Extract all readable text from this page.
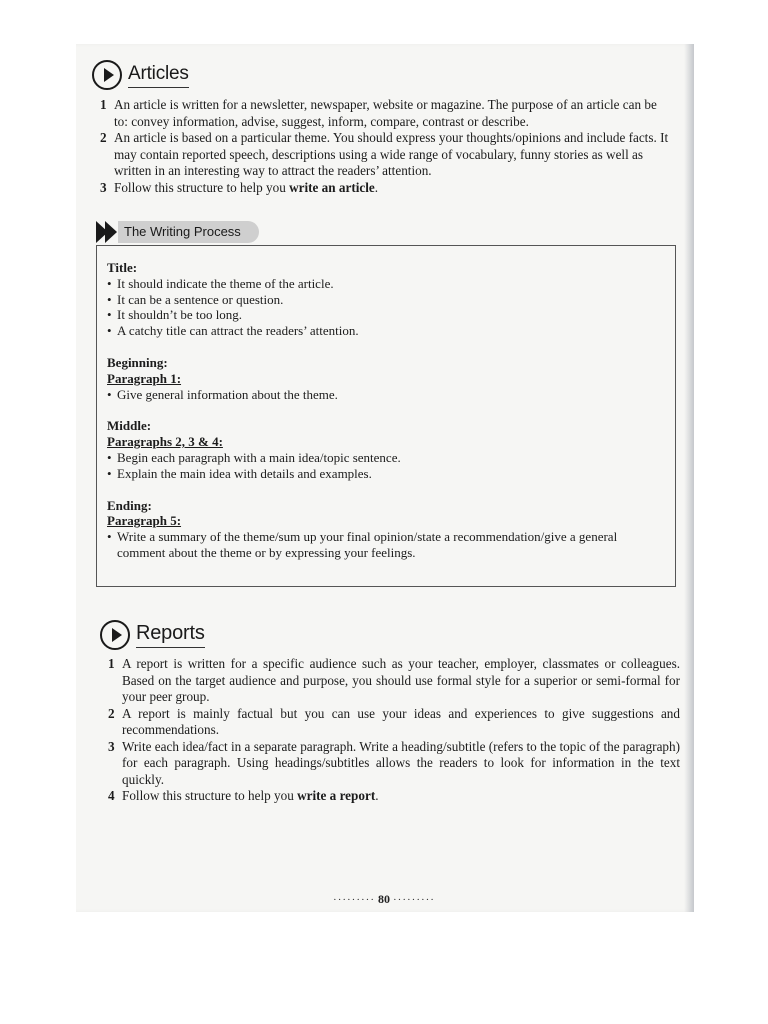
Articles
1 An article is written for a newsletter, newspaper, website or magazine. The purpose of an article can be to: convey information, advise, suggest, inform, compare, contrast or describe.
2 An article is based on a particular theme. You should express your thoughts/opinions and include facts. It may contain reported speech, descriptions using a wide range of vocabulary, funny stories as well as written in an interesting way to attract the readers’ attention.
3 Follow this structure to help you write an article.
The Writing Process
Title:
• It should indicate the theme of the article.
• It can be a sentence or question.
• It shouldn’t be too long.
• A catchy title can attract the readers’ attention.
Beginning:
Paragraph 1:
• Give general information about the theme.
Middle:
Paragraphs 2, 3 & 4:
• Begin each paragraph with a main idea/topic sentence.
• Explain the main idea with details and examples.
Ending:
Paragraph 5:
• Write a summary of the theme/sum up your final opinion/state a recommendation/give a general comment about the theme or by expressing your feelings.
Reports
1 A report is written for a specific audience such as your teacher, employer, classmates or colleagues. Based on the target audience and purpose, you should use formal style for a superior or semi-formal for your peer group.
2 A report is mainly factual but you can use your ideas and experiences to give suggestions and recommendations.
3 Write each idea/fact in a separate paragraph. Write a heading/subtitle (refers to the topic of the paragraph) for each paragraph. Using headings/subtitles allows the readers to look for information in the text quickly.
4 Follow this structure to help you write a report.
········· 80 ·········
